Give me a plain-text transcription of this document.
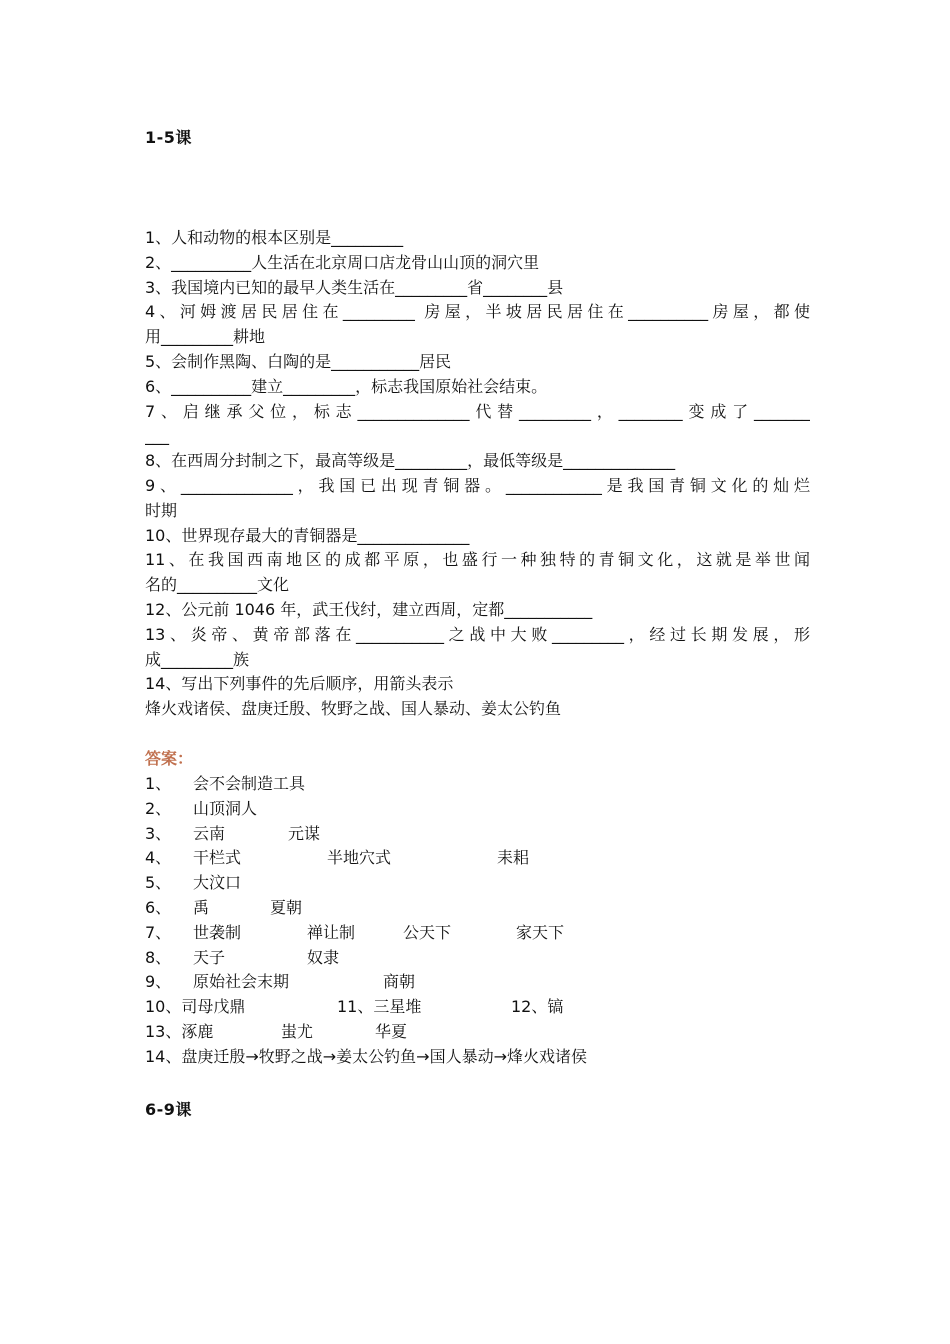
1-5课
1、人和动物的根本区别是_________
2、__________人生活在北京周口店龙骨山山顶的洞穴里
3、我国境内已知的最早人类生活在_________省________县
4、河姆渡居民居住在_________ 房屋，半坡居民居住在__________房屋，都使
用_________耕地
5、会制作黑陶、白陶的是___________居民
6、__________建立_________，标志我国原始社会结束。
7、启继承父位，标志______________代替_________，________变成了_______
___
8、在西周分封制之下，最高等级是_________，最低等级是______________
9、______________，我国已出现青铜器。____________是我国青铜文化的灿烂
时期
10、世界现存最大的青铜器是______________
11、在我国西南地区的成都平原，也盛行一种独特的青铜文化，这就是举世闻
名的__________文化
12、公元前 1046 年，武王伐纣，建立西周，定都___________
13、炎帝、黄帝部落在___________之战中大败_________，经过长期发展，形
成_________族
14、写出下列事件的先后顺序，用箭头表示
烽火戏诸侯、盘庚迁殷、牧野之战、国人暴动、姜太公钓鱼
答案：
1、 会不会制造工具
2、 山顶洞人
3、 云南	元谋
4、 干栏式	半地穴式	耒耜
5、 大汶口
6、 禹	夏朝
7、 世袭制	禅让制	公天下	家天下
8、 天子	奴隶
9、 原始社会末期	商朝
10、司母戊鼎	11、三星堆	12、镐
13、涿鹿	蚩尤	华夏
14、盘庚迁殷→牧野之战→姜太公钓鱼→国人暴动→烽火戏诸侯
6-9课
